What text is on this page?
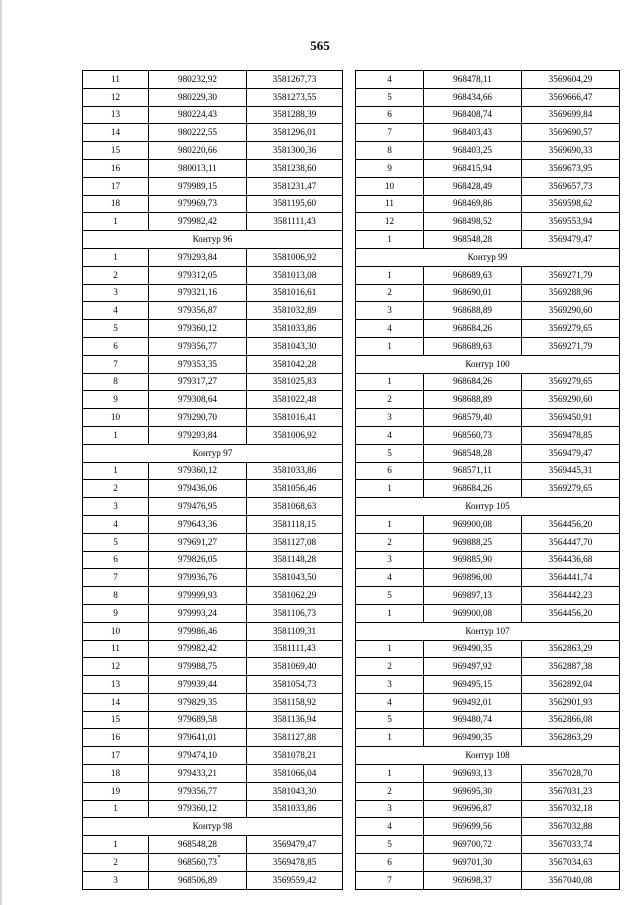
565
11	980232,92	3581267,73
12	980229,30	3581273,55
13	980224,43	3581288,39
14	980222,55	3581296,01
15	980220,66	3581300,36
16	980013,11	3581238,60
17	979989,15	3581231,47
18	979969,73	3581195,60
1	979982,42	3581111,43
Контур 96		
1	979293,84	3581006,92
2	979312,05	3581013,08
3	979321,16	3581016,61
4	979356,87	3581032,89
5	979360,12	3581033,86
6	979356,77	3581043,30
7	979353,35	3581042,28
8	979317,27	3581025,83
9	979308,64	3581022,48
10	979290,70	3581016,41
1	979293,84	3581006,92
Контур 97		
1	979360,12	3581033,86
2	979436,06	3581056,46
3	979476,95	3581068,63
4	979643,36	3581118,15
5	979691,27	3581127,08
6	979826,05	3581148,28
7	979936,76	3581043,50
8	979999,93	3581062,29
9	979993,24	3581106,73
10	979986,46	3581109,31
11	979982,42	3581111,43
12	979988,75	3581069,40
13	979939,44	3581054,73
14	979829,35	3581158,92
15	979689,58	3581136,94
16	979641,01	3581127,88
17	979474,10	3581078,21
18	979433,21	3581066,04
19	979356,77	3581043,30
1	979360,12	3581033,86
Контур 98		
1	968548,28	3569479,47
2	968560,73	3569478,85
3	968506,89	3569559,42
4	968478,11	3569604,29
5	968434,66	3569666,47
6	968408,74	3569699,84
7	968403,43	3569690,57
8	968403,25	3569690,33
9	968415,94	3569673,95
10	968428,49	3569657,73
11	968469,86	3569598,62
12	968498,52	3569553,94
1	968548,28	3569479,47
Контур 99		
1	968689,63	3569271,79
2	968690,01	3569288,96
3	968688,89	3569290,60
4	968684,26	3569279,65
1	968689,63	3569271,79
Контур 100		
1	968684,26	3569279,65
2	968688,89	3569290,60
3	968579,40	3569450,91
4	968560,73	3569478,85
5	968548,28	3569479,47
6	968571,11	3569445,31
1	968684,26	3569279,65
Контур 105		
1	969900,08	3564456,20
2	969888,25	3564447,70
3	969885,90	3564436,68
4	969896,00	3564441,74
5	969897,13	3564442,23
1	969900,08	3564456,20
Контур 107		
1	969490,35	3562863,29
2	969497,92	3562887,38
3	969495,15	3562892,04
4	969492,01	3562901,93
5	969480,74	3562866,08
1	969490,35	3562863,29
Контур 108		
1	969693,13	3567028,70
2	969695,30	3567031,23
3	969696,87	3567032,18
4	969699,56	3567032,88
5	969700,72	3567033,74
6	969701,30	3567034,63
7	969698,37	3567040,08
